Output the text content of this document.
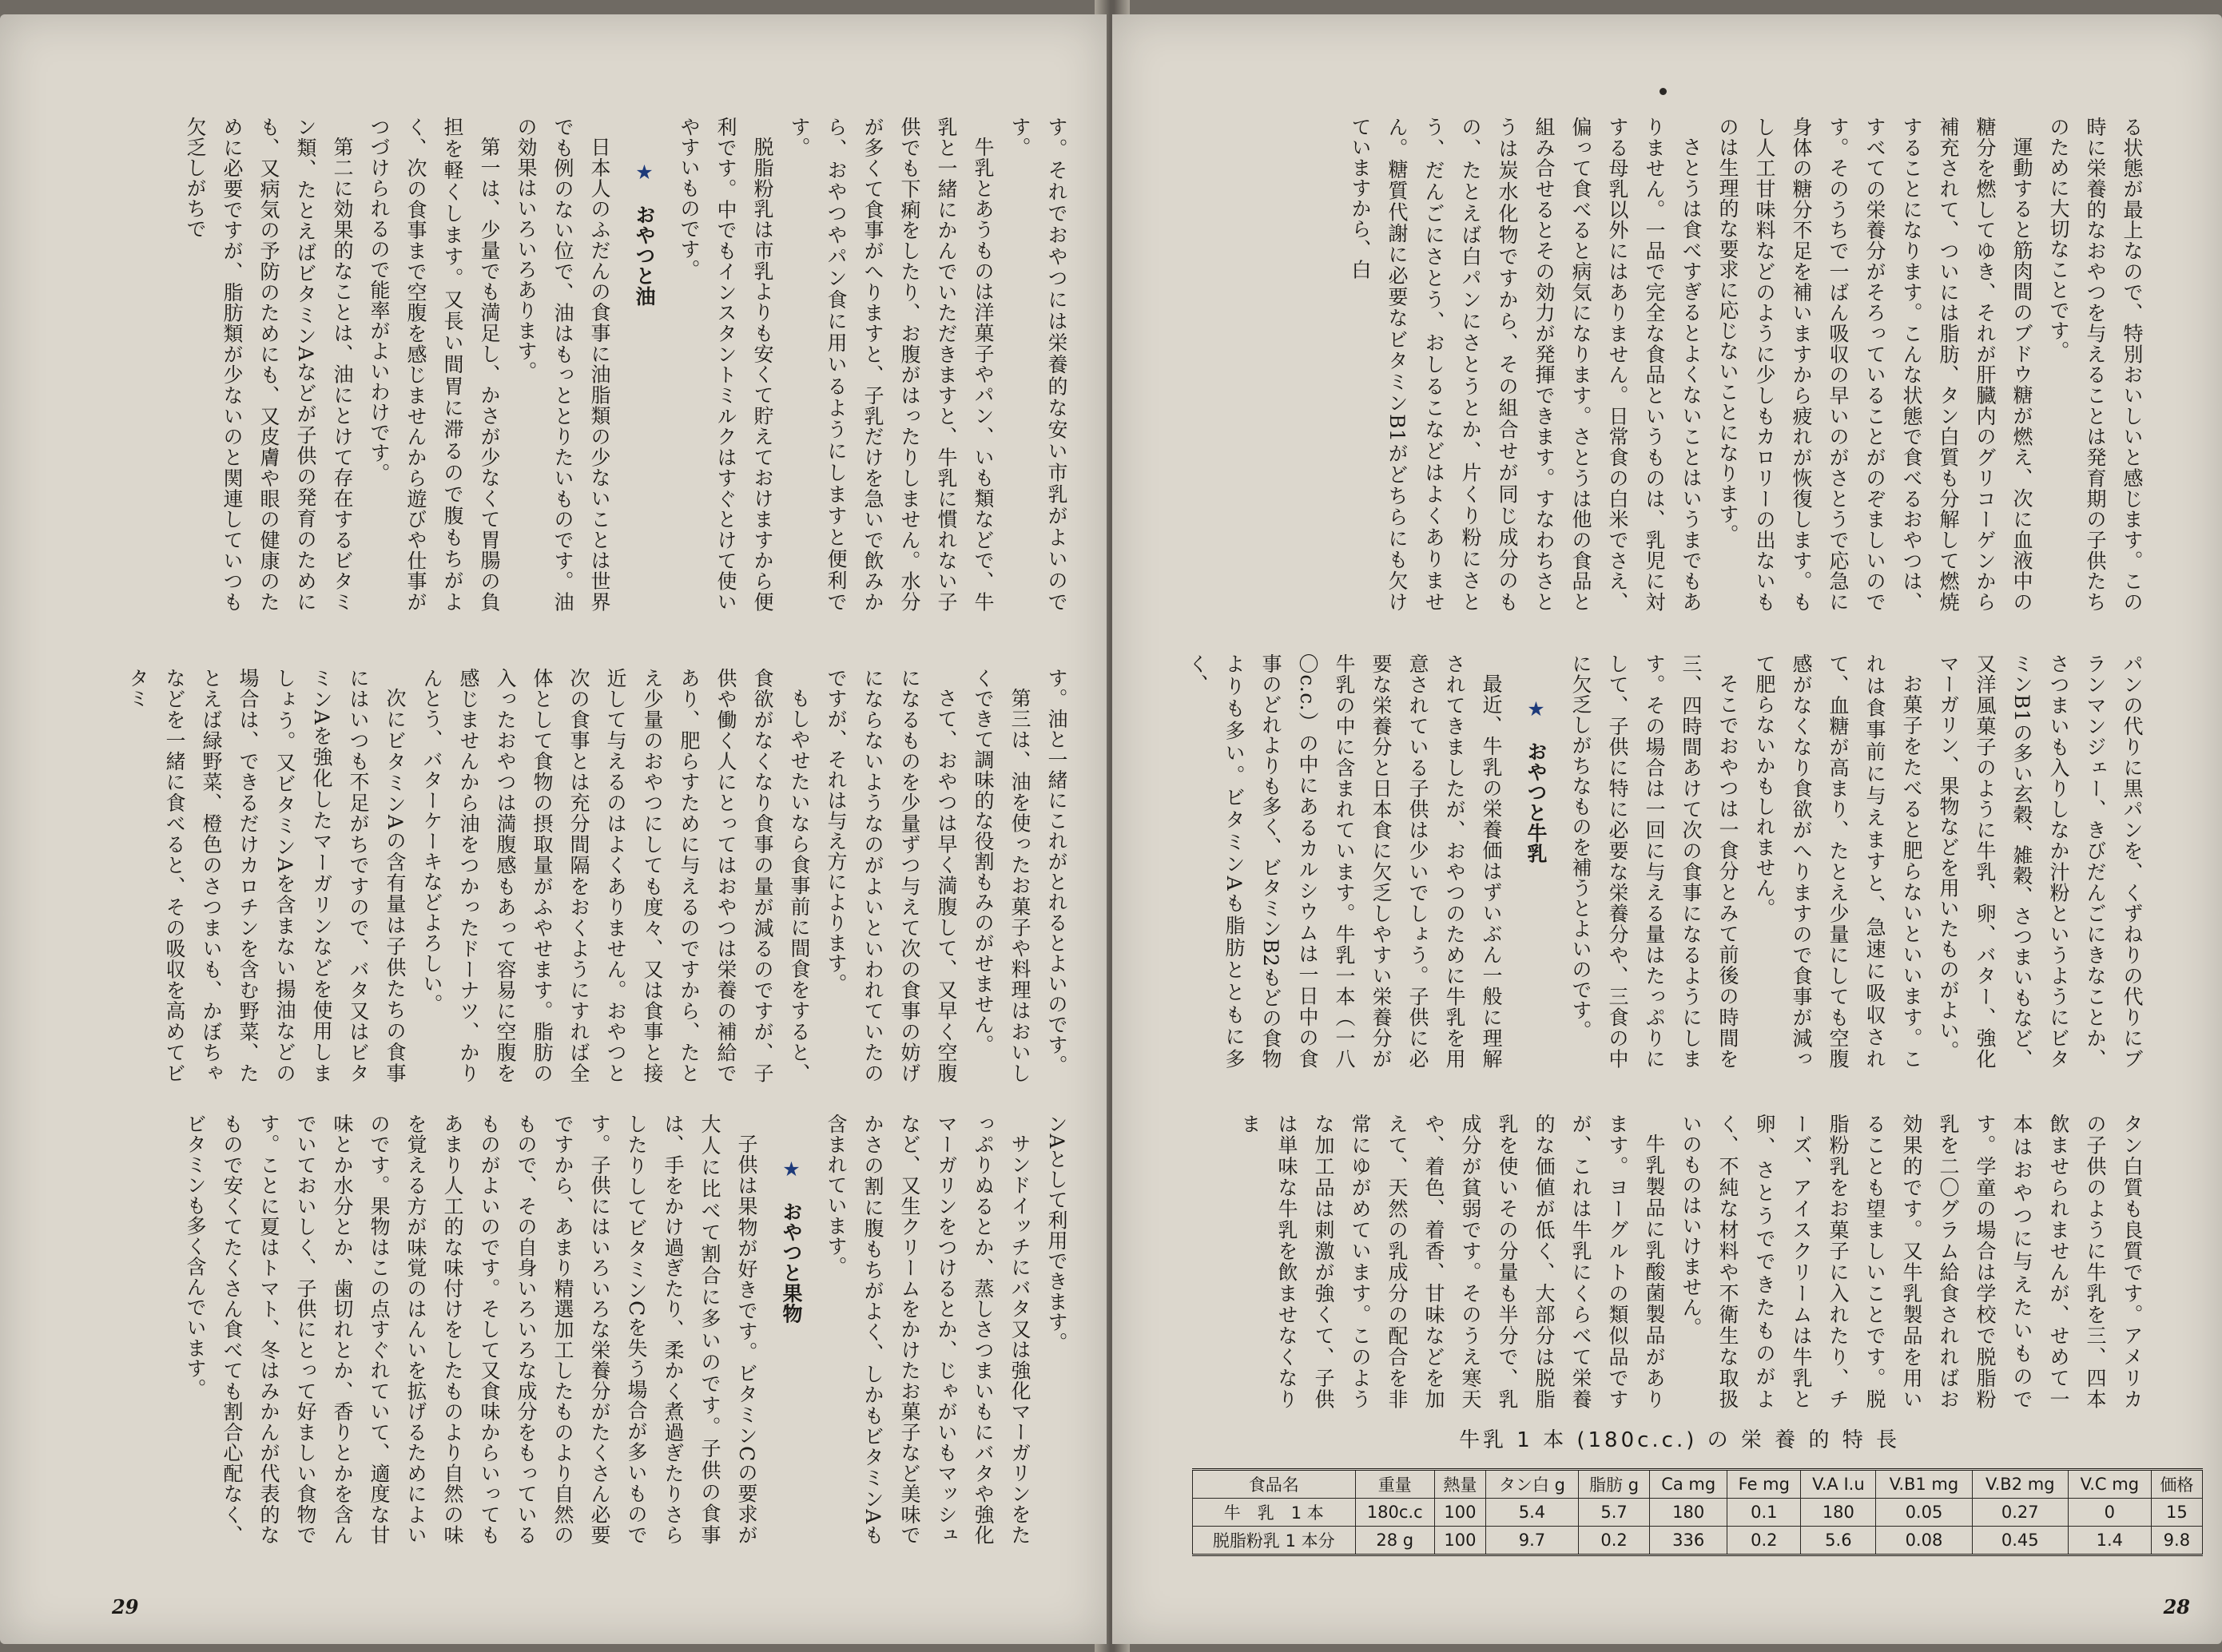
す。それでおやつには栄養的な安い市乳がよいのです。

牛乳とあうものは洋菓子やパン、いも類などで、牛乳と一緒にかんでいただきますと、牛乳に慣れない子供でも下痢をしたり、お腹がはったりしません。水分が多くて食事がへりますと、子乳だけを急いで飲みから、おやつやパン食に用いるようにしますと便利です。

脱脂粉乳は市乳よりも安くて貯えておけますから便利です。中でもインスタントミルクはすぐとけて使いやすいものです。

★　おやつと油

日本人のふだんの食事に油脂類の少ないことは世界でも例のない位で、油はもっととりたいものです。油の効果はいろいろあります。

第一は、少量でも満足し、かさが少なくて胃腸の負担を軽くします。又長い間胃に滞るので腹もちがよく、次の食事まで空腹を感じませんから遊びや仕事がつづけられるので能率がよいわけです。

第二に効果的なことは、油にとけて存在するビタミン類、たとえばビタミンAなどが子供の発育のためにも、又病気の予防のためにも、又皮膚や眼の健康のために必要ですが、脂肪類が少ないのと関連していつも欠乏しがちで

す。油と一緒にこれがとれるとよいのです。

第三は、油を使ったお菓子や料理はおいしくできて調味的な役割もみのがせません。

さて、おやつは早く満腹して、又早く空腹になるものを少量ずつ与えて次の食事の妨げにならないようなのがよいといわれていたのですが、それは与え方によります。

もしやせたいなら食事前に間食をすると、食欲がなくなり食事の量が減るのですが、子供や働く人にとってはおやつは栄養の補給であり、肥らすために与えるのですから、たとえ少量のおやつにしても度々、又は食事と接近して与えるのはよくありません。おやつと次の食事とは充分間隔をおくようにすれば全体として食物の摂取量がふやせます。脂肪の入ったおやつは満腹感もあって容易に空腹を感じませんから油をつかったドーナツ、かりんとう、バターケーキなどよろしい。

次にビタミンAの含有量は子供たちの食事にはいつも不足がちですので、バタ又はビタミンAを強化したマーガリンなどを使用しましょう。又ビタミンAを含まない揚油などの場合は、できるだけカロチンを含む野菜、たとえば緑野菜、橙色のさつまいも、かぼちゃなどを一緒に食べると、その吸収を高めてビタミ

ンAとして利用できます。

サンドイッチにバタ又は強化マーガリンをたっぷりぬるとか、蒸しさつまいもにバタや強化マーガリンをつけるとか、じゃがいもマッシュなど、又生クリームをかけたお菓子など美味でかさの割に腹もちがよく、しかもビタミンAも含まれています。

★　おやつと果物

子供は果物が好きです。ビタミンCの要求が大人に比べて割合に多いのです。子供の食事は、手をかけ過ぎたり、柔かく煮過ぎたりさらしたりしてビタミンCを失う場合が多いものです。子供にはいろいろな栄養分がたくさん必要ですから、あまり精選加工したものより自然のもので、その自身いろいろな成分をもっているものがよいのです。そして又食味からいってもあまり人工的な味付けをしたものより自然の味を覚える方が味覚のはんいを拡げるためによいのです。果物はこの点すぐれていて、適度な甘味とか水分とか、歯切れとか、香りとかを含んでいておいしく、子供にとって好ましい食物です。ことに夏はトマト、冬はみかんが代表的なもので安くてたくさん食べても割合心配なく、ビタミンも多く含んでいます。

29

る状態が最上なので、特別おいしいと感じます。この時に栄養的なおやつを与えることは発育期の子供たちのために大切なことです。

運動すると筋肉間のブドウ糖が燃え、次に血液中の糖分を燃してゆき、それが肝臓内のグリコーゲンから補充されて、ついには脂肪、タン白質も分解して燃焼することになります。こんな状態で食べるおやつは、すべての栄養分がそろっていることがのぞましいのです。そのうちで一ばん吸収の早いのがさとうで応急に身体の糖分不足を補いますから疲れが恢復します。もし人工甘味料などのように少しもカロリーの出ないものは生理的な要求に応じないことになります。

さとうは食べすぎるとよくないことはいうまでもありません。一品で完全な食品というものは、乳児に対する母乳以外にはありません。日常食の白米でさえ、偏って食べると病気になります。さとうは他の食品と組み合せるとその効力が発揮できます。すなわちさとうは炭水化物ですから、その組合せが同じ成分のもの、たとえば白パンにさとうとか、片くり粉にさとう、だんごにさとう、おしるこなどはよくありません。糖質代謝に必要なビタミンB1がどちらにも欠けていますから、白

パンの代りに黒パンを、くずねりの代りにブランマンジェー、きびだんごにきなことか、さつまいも入りしなか汁粉というようにビタミンB1の多い玄穀、雑穀、さつまいもなど、又洋風菓子のように牛乳、卵、バター、強化マーガリン、果物などを用いたものがよい。

お菓子をたべると肥らないといいます。これは食事前に与えますと、急速に吸収されて、血糖が高まり、たとえ少量にしても空腹感がなくなり食欲がへりますので食事が減って肥らないかもしれません。

そこでおやつは一食分とみて前後の時間を三、四時間あけて次の食事になるようにします。その場合は一回に与える量はたっぷりにして、子供に特に必要な栄養分や、三食の中に欠乏しがちなものを補うとよいのです。

★　おやつと牛乳

最近、牛乳の栄養価はずいぶん一般に理解されてきましたが、おやつのために牛乳を用意されている子供は少いでしょう。子供に必要な栄養分と日本食に欠乏しやすい栄養分が牛乳の中に含まれています。牛乳一本（一八〇c.c.）の中にあるカルシウムは一日中の食事のどれよりも多く、ビタミンB2もどの食物よりも多い。ビタミンAも脂肪とともに多く、

タン白質も良質です。アメリカの子供のように牛乳を三、四本飲ませられませんが、せめて一本はおやつに与えたいものです。学童の場合は学校で脱脂粉乳を二〇グラム給食されればお効果的です。又牛乳製品を用いることも望ましいことです。脱脂粉乳をお菓子に入れたり、チーズ、アイスクリームは牛乳と卵、さとうでできたものがよく、不純な材料や不衛生な取扱いのものはいけません。

牛乳製品に乳酸菌製品があります。ヨーグルトの類似品ですが、これは牛乳にくらべて栄養的な価値が低く、大部分は脱脂乳を使いその分量も半分で、乳成分が貧弱です。そのうえ寒天や、着色、着香、甘味などを加えて、天然の乳成分の配合を非常にゆがめています。このような加工品は刺激が強くて、子供は単味な牛乳を飲ませなくなりま

牛乳 1 本 (180c.c.) の 栄 養 的 特 長
食品名	重量	熱量	タン白 g	脂肪 g	Ca mg	Fe mg	V.A I.u	V.B1 mg	V.B2 mg	V.C mg	価格
牛　乳　1 本	180c.c	100	5.4	5.7	180	0.1	180	0.05	0.27	0	15
脱脂粉乳 1 本分	28 g	100	9.7	0.2	336	0.2	5.6	0.08	0.45	1.4	9.8
28
